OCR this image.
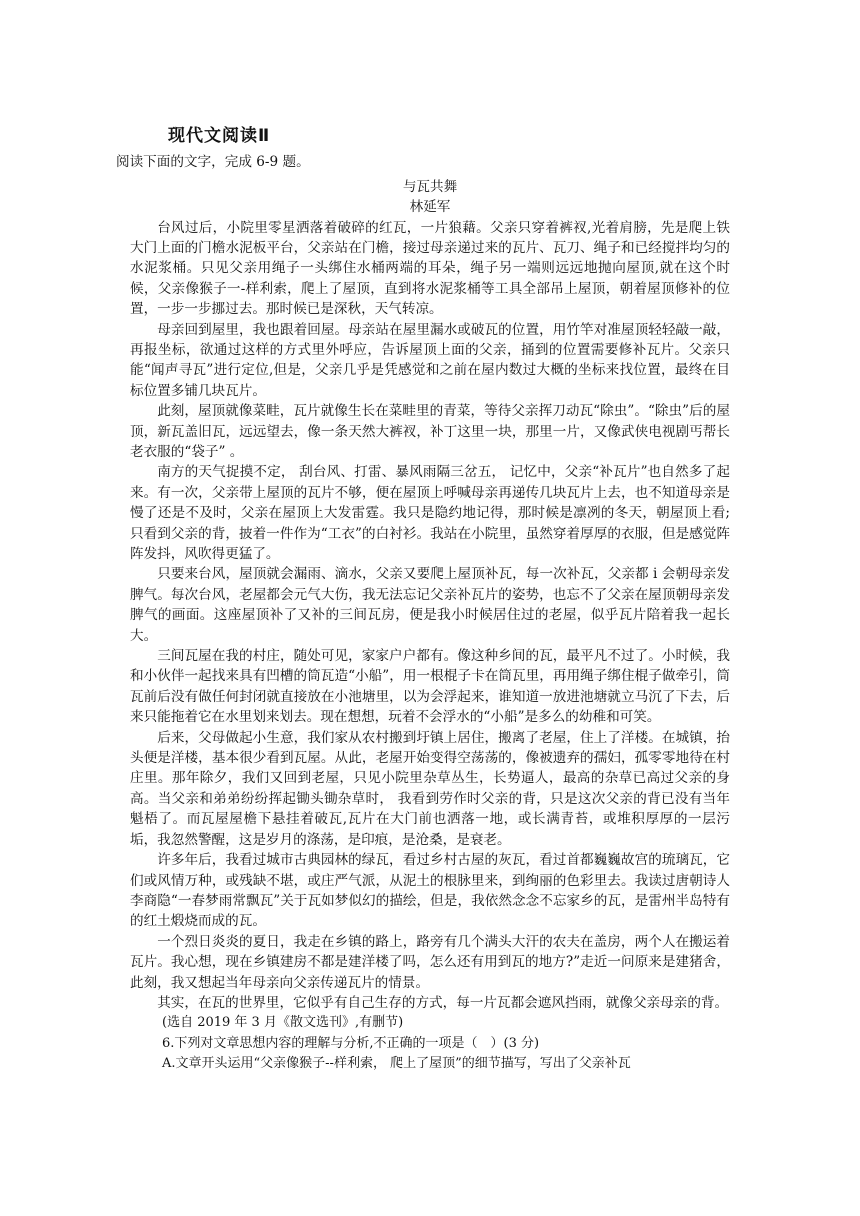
现代文阅读Ⅱ
阅读下面的文字，完成 6-9 题。
与瓦共舞
林延军

台风过后，小院里零星洒落着破碎的红瓦，一片狼藉。父亲只穿着裤衩,光着肩膀，先是爬上铁大门上面的门檐水泥板平台，父亲站在门檐，接过母亲递过来的瓦片、瓦刀、绳子和已经搅拌均匀的水泥浆桶。只见父亲用绳子一头绑住水桶两端的耳朵，绳子另一端则远远地抛向屋顶,就在这个时候，父亲像猴子一-样利索，爬上了屋顶，直到将水泥浆桶等工具全部吊上屋顶，朝着屋顶修补的位置，一步一步挪过去。那时候已是深秋，天气转凉。

母亲回到屋里，我也跟着回屋。母亲站在屋里漏水或破瓦的位置，用竹竿对准屋顶轻轻敲一敲，再报坐标，欲通过这样的方式里外呼应，告诉屋顶上面的父亲，捅到的位置需要修补瓦片。父亲只能“闻声寻瓦”进行定位,但是，父亲几乎是凭感觉和之前在屋内数过大概的坐标来找位置，最终在目标位置多铺几块瓦片。

此刻，屋顶就像菜畦，瓦片就像生长在菜畦里的青菜，等待父亲挥刀动瓦“除虫”。“除虫”后的屋顶，新瓦盖旧瓦，远远望去，像一条天然大裤衩，补丁这里一块，那里一片，又像武侠电视剧丐帮长老衣服的“袋子” 。

南方的天气捉摸不定， 刮台风、打雷、暴风雨隔三岔五， 记忆中，父亲“补瓦片”也自然多了起来。有一次，父亲带上屋顶的瓦片不够，便在屋顶上呼喊母亲再递传几块瓦片上去，也不知道母亲是慢了还是不及时，父亲在屋顶上大发雷霆。我只是隐约地记得，那时候是凛冽的冬天，朝屋顶上看;只看到父亲的背，披着一件作为“工衣”的白衬衫。我站在小院里，虽然穿着厚厚的衣服，但是感觉阵阵发抖，风吹得更猛了。

只要来台风，屋顶就会漏雨、滴水，父亲又要爬上屋顶补瓦，每一次补瓦，父亲都 i 会朝母亲发脾气。每次台风，老屋都会元气大伤，我无法忘记父亲补瓦片的姿势，也忘不了父亲在屋顶朝母亲发脾气的画面。这座屋顶补了又补的三间瓦房，便是我小时候居住过的老屋，似乎瓦片陪着我一起长大。

三间瓦屋在我的村庄，随处可见，家家户户都有。像这种乡间的瓦，最平凡不过了。小时候，我和小伙伴一起找来具有凹槽的筒瓦造“小船”，用一根棍子卡在筒瓦里，再用绳子绑住棍子做牵引，筒瓦前后没有做任何封闭就直接放在小池塘里，以为会浮起来，谁知道一放进池塘就立马沉了下去，后来只能拖着它在水里划来划去。现在想想，玩着不会浮水的“小船”是多么的幼稚和可笑。

后来，父母做起小生意，我们家从农村搬到圩镇上居住，搬离了老屋，住上了洋楼。在城镇，抬头便是洋楼，基本很少看到瓦屋。从此，老屋开始变得空荡荡的，像被遗弃的孺妇，孤零零地待在村庄里。那年除夕，我们又回到老屋，只见小院里杂草丛生，长势逼人，最高的杂草已高过父亲的身高。当父亲和弟弟纷纷挥起锄头锄杂草时， 我看到劳作时父亲的背，只是这次父亲的背已没有当年魁梧了。而瓦屋屋檐下悬挂着破瓦,瓦片在大门前也洒落一地，或长满青苔，或堆积厚厚的一层污垢，我忽然警醒，这是岁月的涤荡，是印痕，是沧桑，是衰老。

许多年后，我看过城市古典园林的绿瓦，看过乡村古屋的灰瓦，看过首都巍巍故宫的琉璃瓦，它们或风情万种，或残缺不堪，或庄严气派，从泥土的根脉里来，到绚丽的色彩里去。我读过唐朝诗人李商隐“一春梦雨常飘瓦”关于瓦如梦似幻的描绘，但是，我依然念念不忘家乡的瓦，是雷州半岛特有的红土煅烧而成的瓦。

一个烈日炎炎的夏日，我走在乡镇的路上，路旁有几个满头大汗的农夫在盖房，两个人在搬运着瓦片。我心想，现在乡镇建房不都是建洋楼了吗，怎么还有用到瓦的地方?”走近一问原来是建猪舍，此刻，我又想起当年母亲向父亲传递瓦片的情景。

其实，在瓦的世界里，它似乎有自己生存的方式，每一片瓦都会遮风挡雨，就像父亲母亲的背。

(选自 2019 年 3 月《散文选刊》,有删节)
6.下列对文章思想内容的理解与分析,不正确的一项是（　）(3 分)
A.文章开头运用“父亲像猴子--样利索， 爬上了屋顶”的细节描写，写出了父亲补瓦
